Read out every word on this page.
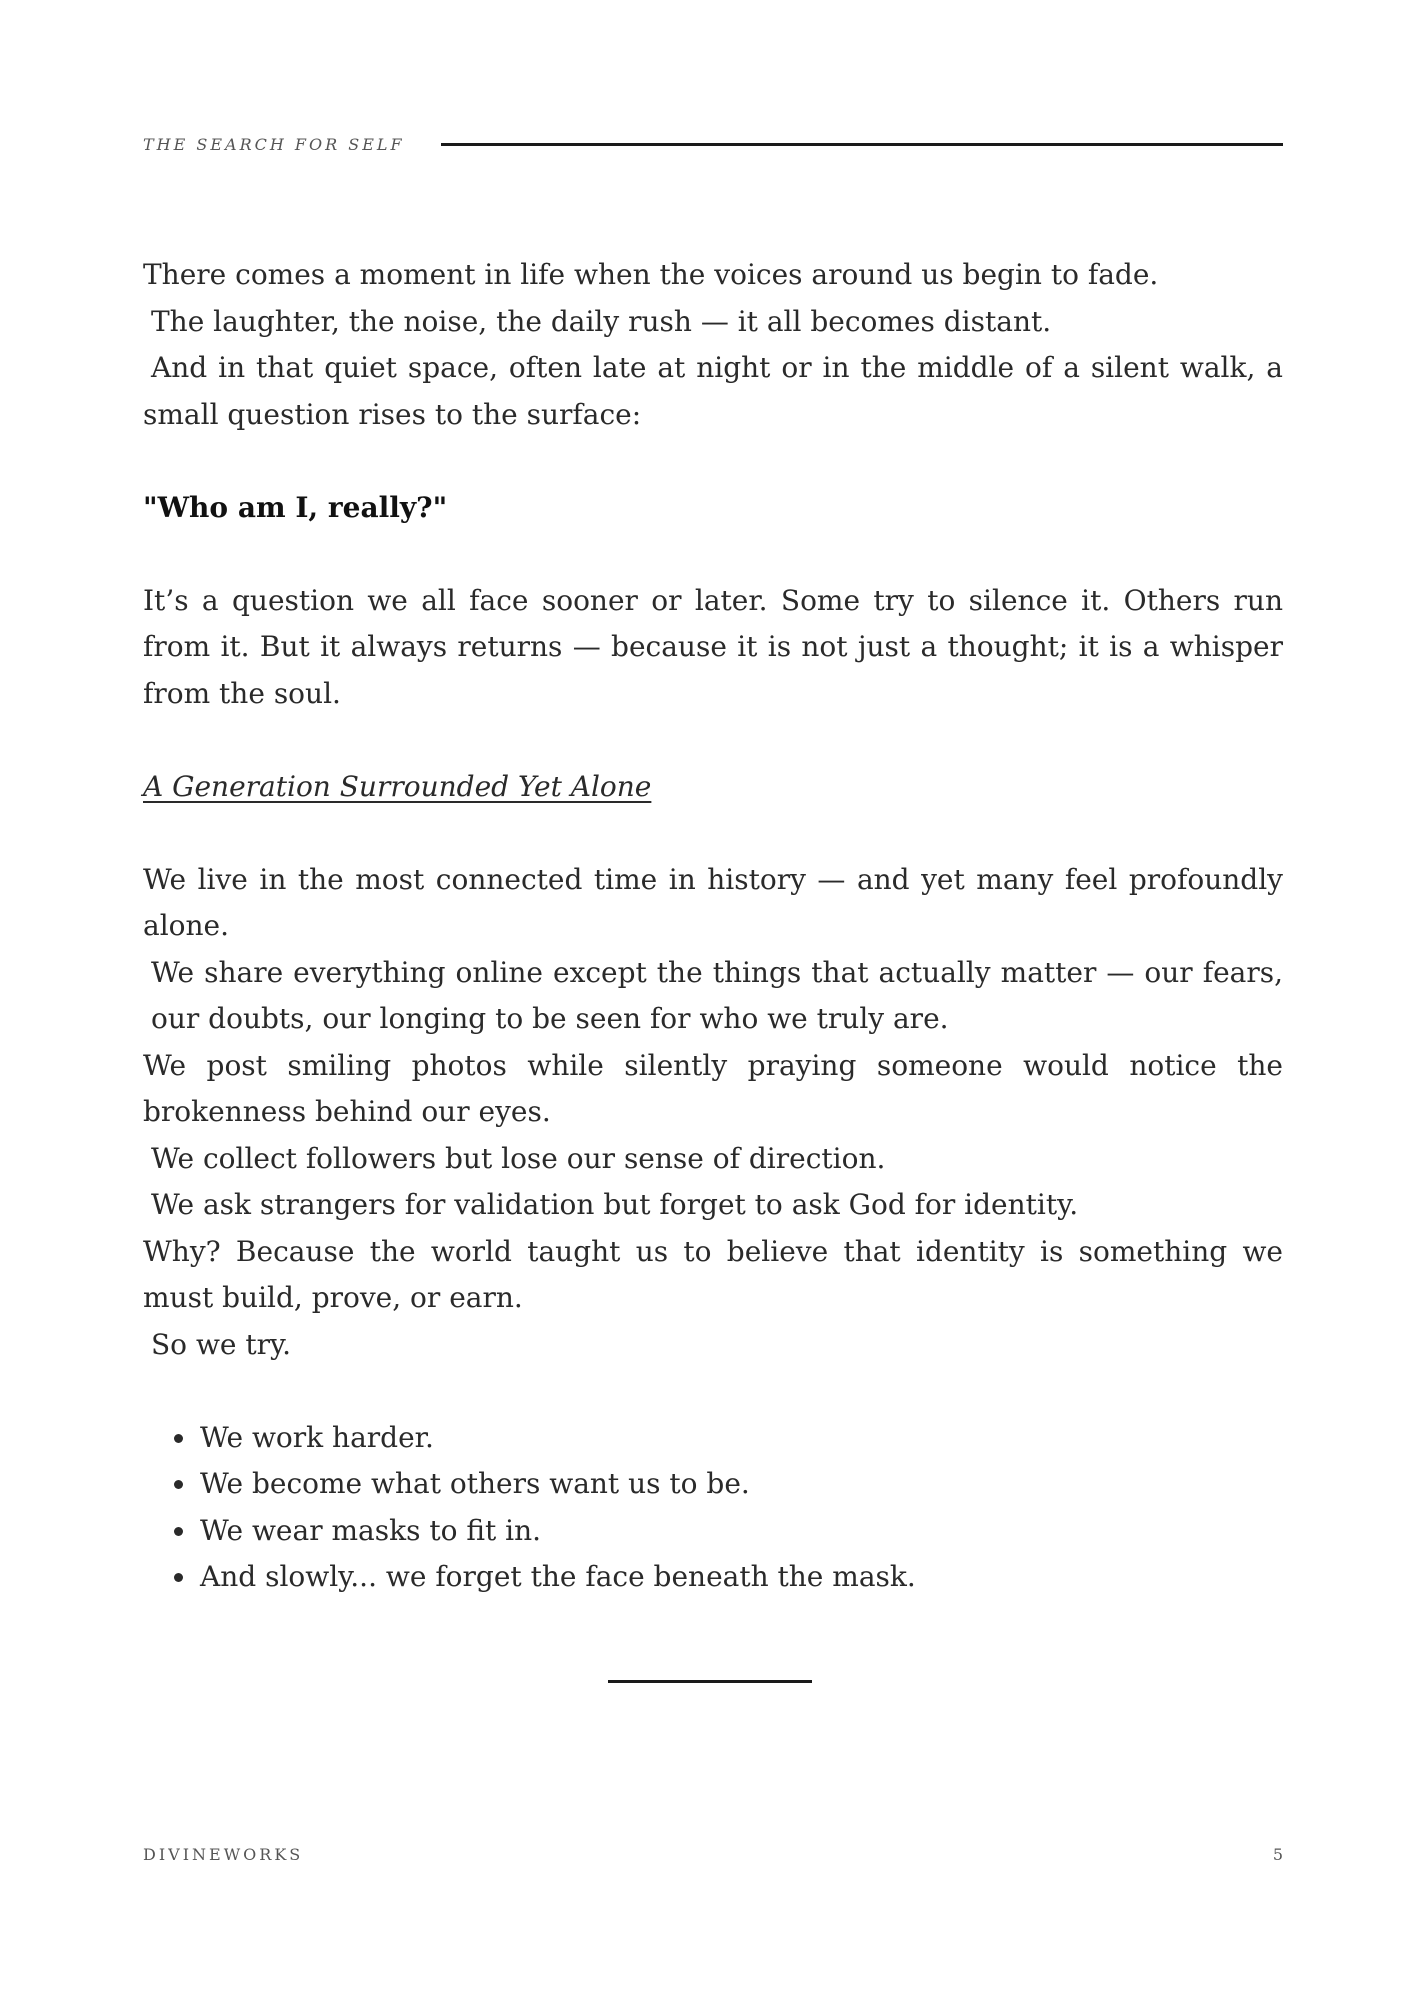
THE SEARCH FOR SELF

There comes a moment in life when the voices around us begin to fade.
The laughter, the noise, the daily rush — it all becomes distant.
And in that quiet space, often late at night or in the middle of a silent walk, a small question rises to the surface:

"Who am I, really?"

It’s a question we all face sooner or later. Some try to silence it. Others run from it. But it always returns — because it is not just a thought; it is a whisper from the soul.

A Generation Surrounded Yet Alone

We live in the most connected time in history — and yet many feel profoundly alone.
We share everything online except the things that actually matter — our fears, our doubts, our longing to be seen for who we truly are.
We post smiling photos while silently praying someone would notice the brokenness behind our eyes.
We collect followers but lose our sense of direction.
We ask strangers for validation but forget to ask God for identity.
Why? Because the world taught us to believe that identity is something we must build, prove, or earn.
So we try.

• We work harder.
• We become what others want us to be.
• We wear masks to fit in.
• And slowly... we forget the face beneath the mask.
DIVINEWORKS	5
